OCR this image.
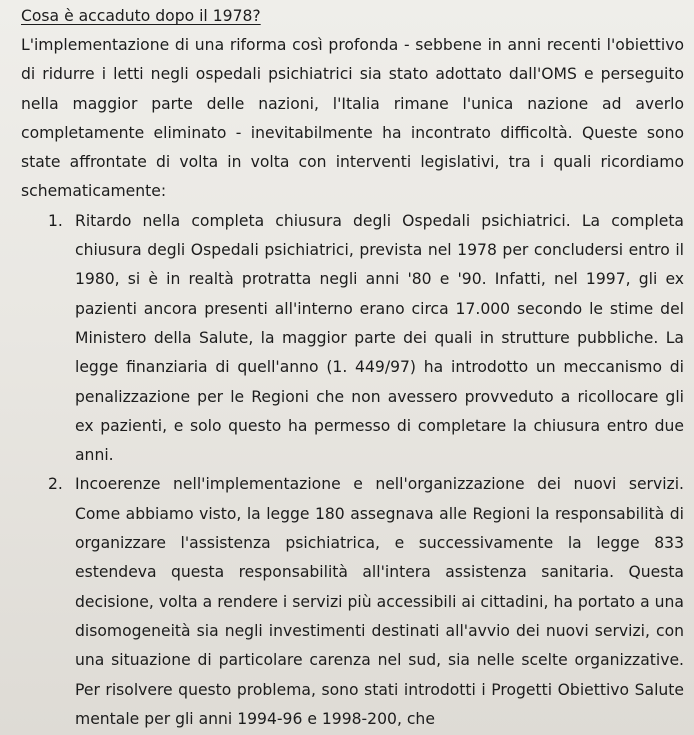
Cosa è accaduto dopo il 1978?

L'implementazione di una riforma così profonda - sebbene in anni recenti l'obiettivo di ridurre i letti negli ospedali psichiatrici sia stato adottato dall'OMS e perseguito nella maggior parte delle nazioni, l'Italia rimane l'unica nazione ad averlo completamente eliminato - inevitabilmente ha incontrato difficoltà. Queste sono state affrontate di volta in volta con interventi legislativi, tra i quali ricordiamo schematicamente:

1. Ritardo nella completa chiusura degli Ospedali psichiatrici. La completa chiusura degli Ospedali psichiatrici, prevista nel 1978 per concludersi entro il 1980, si è in realtà protratta negli anni '80 e '90. Infatti, nel 1997, gli ex pazienti ancora presenti all'interno erano circa 17.000 secondo le stime del Ministero della Salute, la maggior parte dei quali in strutture pubbliche. La legge finanziaria di quell'anno (1. 449/97) ha introdotto un meccanismo di penalizzazione per le Regioni che non avessero provveduto a ricollocare gli ex pazienti, e solo questo ha permesso di completare la chiusura entro due anni.

2. Incoerenze nell'implementazione e nell'organizzazione dei nuovi servizi. Come abbiamo visto, la legge 180 assegnava alle Regioni la responsabilità di organizzare l'assistenza psichiatrica, e successivamente la legge 833 estendeva questa responsabilità all'intera assistenza sanitaria. Questa decisione, volta a rendere i servizi più accessibili ai cittadini, ha portato a una disomogeneità sia negli investimenti destinati all'avvio dei nuovi servizi, con una situazione di particolare carenza nel sud, sia nelle scelte organizzative. Per risolvere questo problema, sono stati introdotti i Progetti Obiettivo Salute mentale per gli anni 1994-96 e 1998-200, che
